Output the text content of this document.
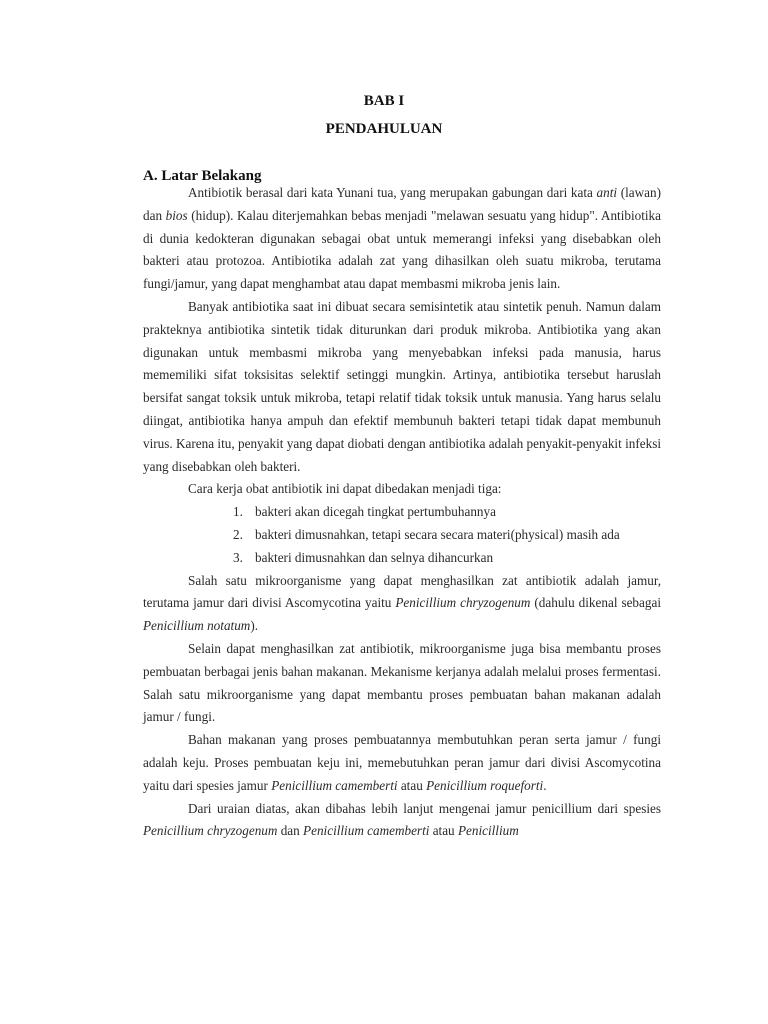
BAB I
PENDAHULUAN
A. Latar Belakang

Antibiotik berasal dari kata Yunani tua, yang merupakan gabungan dari kata anti (lawan) dan bios (hidup). Kalau diterjemahkan bebas menjadi "melawan sesuatu yang hidup". Antibiotika di dunia kedokteran digunakan sebagai obat untuk memerangi infeksi yang disebabkan oleh bakteri atau protozoa. Antibiotika adalah zat yang dihasilkan oleh suatu mikroba, terutama fungi/jamur, yang dapat menghambat atau dapat membasmi mikroba jenis lain.

Banyak antibiotika saat ini dibuat secara semisintetik atau sintetik penuh. Namun dalam prakteknya antibiotika sintetik tidak diturunkan dari produk mikroba. Antibiotika yang akan digunakan untuk membasmi mikroba yang menyebabkan infeksi pada manusia, harus mememiliki sifat toksisitas selektif setinggi mungkin. Artinya, antibiotika tersebut haruslah bersifat sangat toksik untuk mikroba, tetapi relatif tidak toksik untuk manusia. Yang harus selalu diingat, antibiotika hanya ampuh dan efektif membunuh bakteri tetapi tidak dapat membunuh virus. Karena itu, penyakit yang dapat diobati dengan antibiotika adalah penyakit-penyakit infeksi yang disebabkan oleh bakteri.

Cara kerja obat antibiotik ini dapat dibedakan menjadi tiga:

1. bakteri akan dicegah tingkat pertumbuhannya
2. bakteri dimusnahkan, tetapi secara secara materi(physical) masih ada
3. bakteri dimusnahkan dan selnya dihancurkan

Salah satu mikroorganisme yang dapat menghasilkan zat antibiotik adalah jamur, terutama jamur dari divisi Ascomycotina yaitu Penicillium chryzogenum (dahulu dikenal sebagai Penicillium notatum).

Selain dapat menghasilkan zat antibiotik, mikroorganisme juga bisa membantu proses pembuatan berbagai jenis bahan makanan. Mekanisme kerjanya adalah melalui proses fermentasi. Salah satu mikroorganisme yang dapat membantu proses pembuatan bahan makanan adalah jamur / fungi.

Bahan makanan yang proses pembuatannya membutuhkan peran serta jamur / fungi adalah keju. Proses pembuatan keju ini, memebutuhkan peran jamur dari divisi Ascomycotina yaitu dari spesies jamur Penicillium camemberti atau Penicillium roqueforti.

Dari uraian diatas, akan dibahas lebih lanjut mengenai jamur penicillium dari spesies Penicillium chryzogenum dan Penicillium camemberti atau Penicillium
